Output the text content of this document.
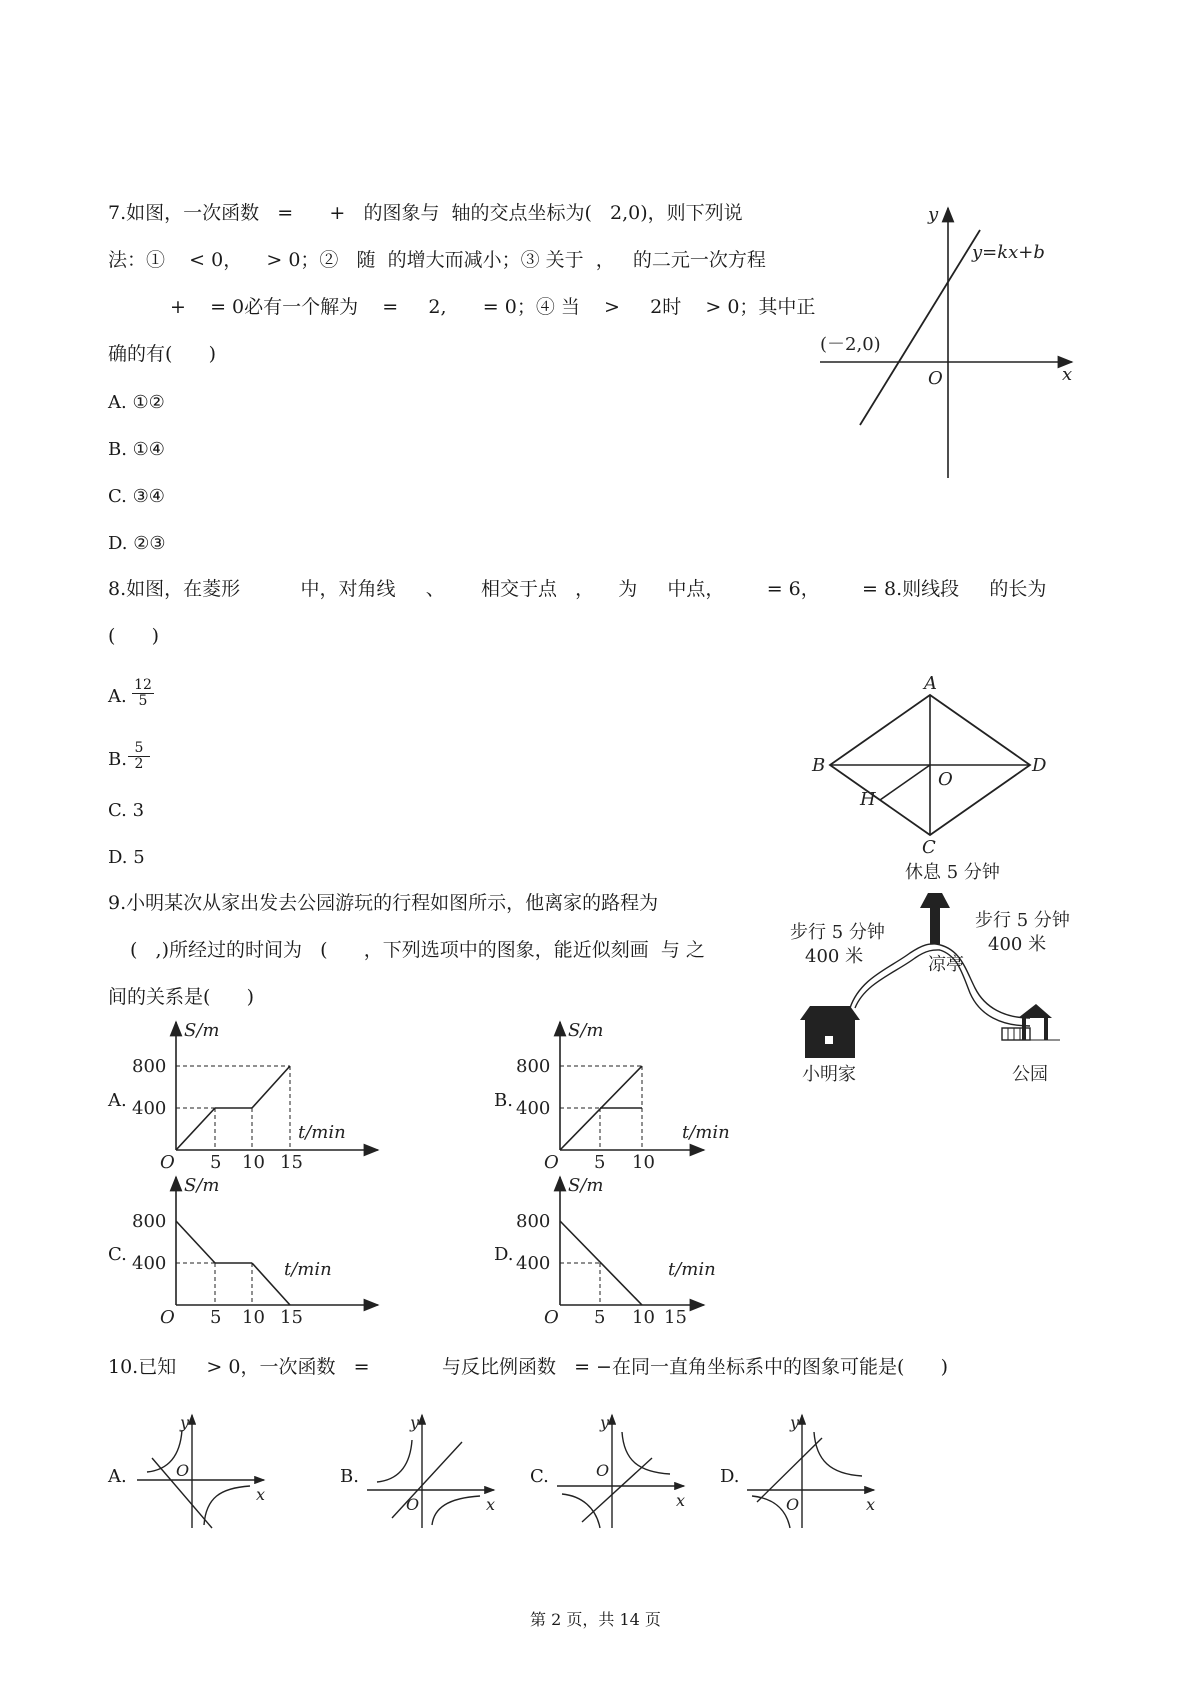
7.如图，一次函数   =      +   的图象与  轴的交点坐标为(   2,0)，则下列说
法：①    < 0，    > 0；②   随  的增大而减小；③ 关于  ，   的二元一次方程
+    = 0必有一个解为    =     2,      = 0；④ 当    >     2时    > 0；其中正
确的有(      )
A. ①②
B. ①④
C. ③④
D. ②③
y
x
O
y=kx+b
(－2,0)
8.如图，在菱形          中，对角线     、      相交于点   ，    为     中点，       = 6，       = 8.则线段     的长为
(      )
A. $\frac{12}{5}$
B. $\frac{5}{2}$
C. 3
D. 5
A
B
C
D
O
H
9.小明某次从家出发去公园游玩的行程如图所示，他离家的路程为
(   ,)所经过的时间为   (      ，下列选项中的图象，能近似刻画  与 之
间的关系是(      )
休息 5 分钟
凉亭
步行 5 分钟
400 米
步行 5 分钟
400 米
小明家	公园
A.
S/m
t/min
O
800
400
5 10 15
B.
S/m
t/min
O
800
400
5 10
C.
S/m
t/min
O
800
400
5 10 15
D.
S/m
t/min
O
800
400
5 10 15
10.已知     > 0，一次函数   =            与反比例函数   = −在同一直角坐标系中的图象可能是(      )
A.
y
x
O	B.
y
x
O
C.
y
x
O	D.
y
x
O
第 2 页，共 14 页
